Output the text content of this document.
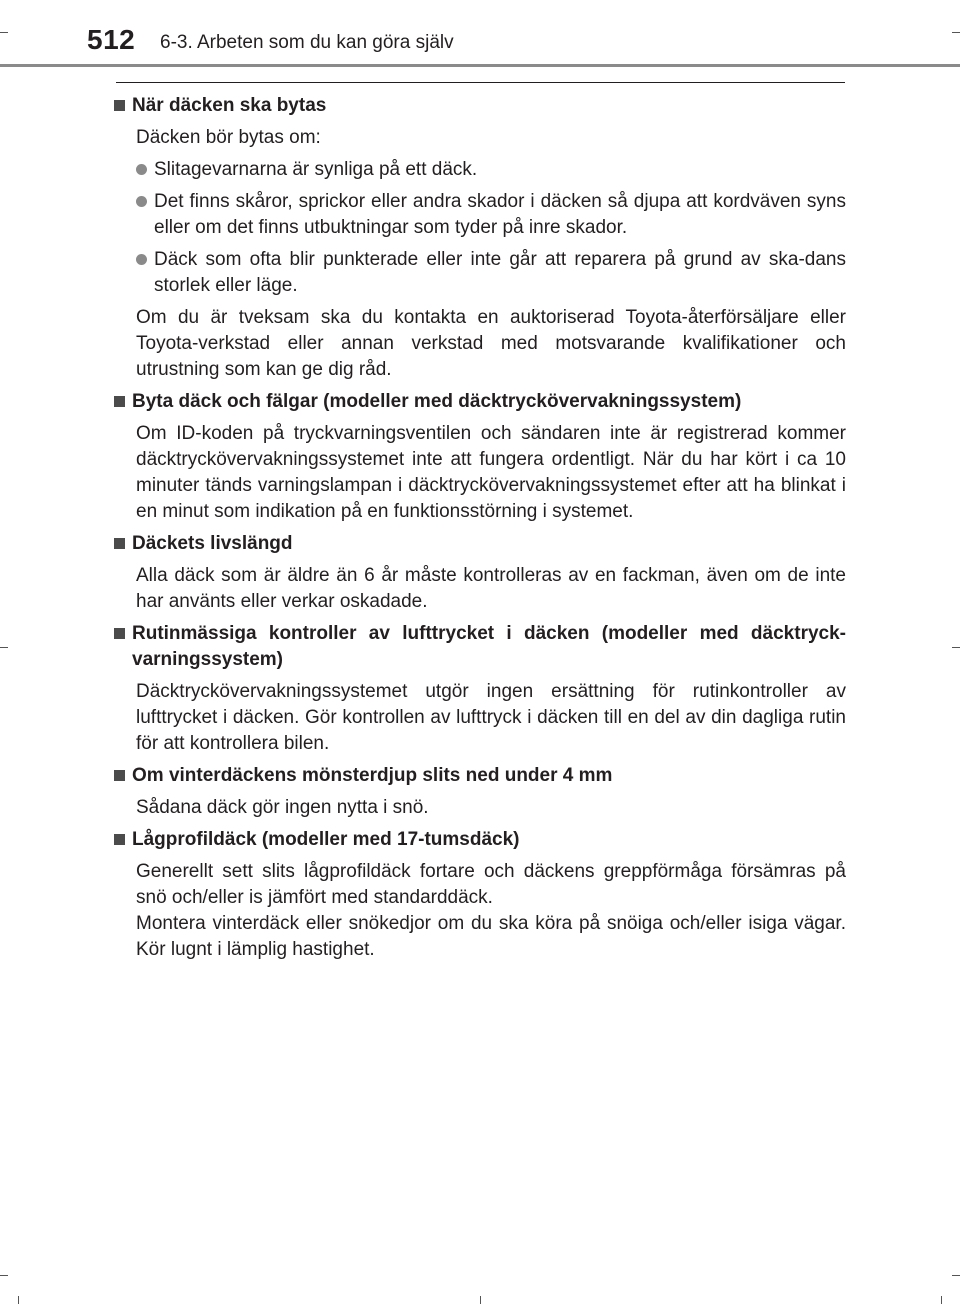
512 6-3. Arbeten som du kan göra själv
När däcken ska bytas

Däcken bör bytas om:

Slitagevarnarna är synliga på ett däck.
Det finns skåror, sprickor eller andra skador i däcken så djupa att kordväven syns eller om det finns utbuktningar som tyder på inre skador.
Däck som ofta blir punkterade eller inte går att reparera på grund av ska-dans storlek eller läge.

Om du är tveksam ska du kontakta en auktoriserad Toyota-återförsäljare eller Toyota-verkstad eller annan verkstad med motsvarande kvalifikationer och utrustning som kan ge dig råd.

Byta däck och fälgar (modeller med däcktryckövervakningssystem)

Om ID-koden på tryckvarningsventilen och sändaren inte är registrerad kommer däcktryckövervakningssystemet inte att fungera ordentligt. När du har kört i ca 10 minuter tänds varningslampan i däcktryckövervakningssystemet efter att ha blinkat i en minut som indikation på en funktionsstörning i systemet.

Däckets livslängd

Alla däck som är äldre än 6 år måste kontrolleras av en fackman, även om de inte har använts eller verkar oskadade.

Rutinmässiga kontroller av lufttrycket i däcken (modeller med däcktryck-varningssystem)

Däcktryckövervakningssystemet utgör ingen ersättning för rutinkontroller av lufttrycket i däcken. Gör kontrollen av lufttryck i däcken till en del av din dagliga rutin för att kontrollera bilen.

Om vinterdäckens mönsterdjup slits ned under 4 mm

Sådana däck gör ingen nytta i snö.

Lågprofildäck (modeller med 17-tumsdäck)

Generellt sett slits lågprofildäck fortare och däckens greppförmåga försämras på snö och/eller is jämfört med standarddäck.

Montera vinterdäck eller snökedjor om du ska köra på snöiga och/eller isiga vägar. Kör lugnt i lämplig hastighet.
